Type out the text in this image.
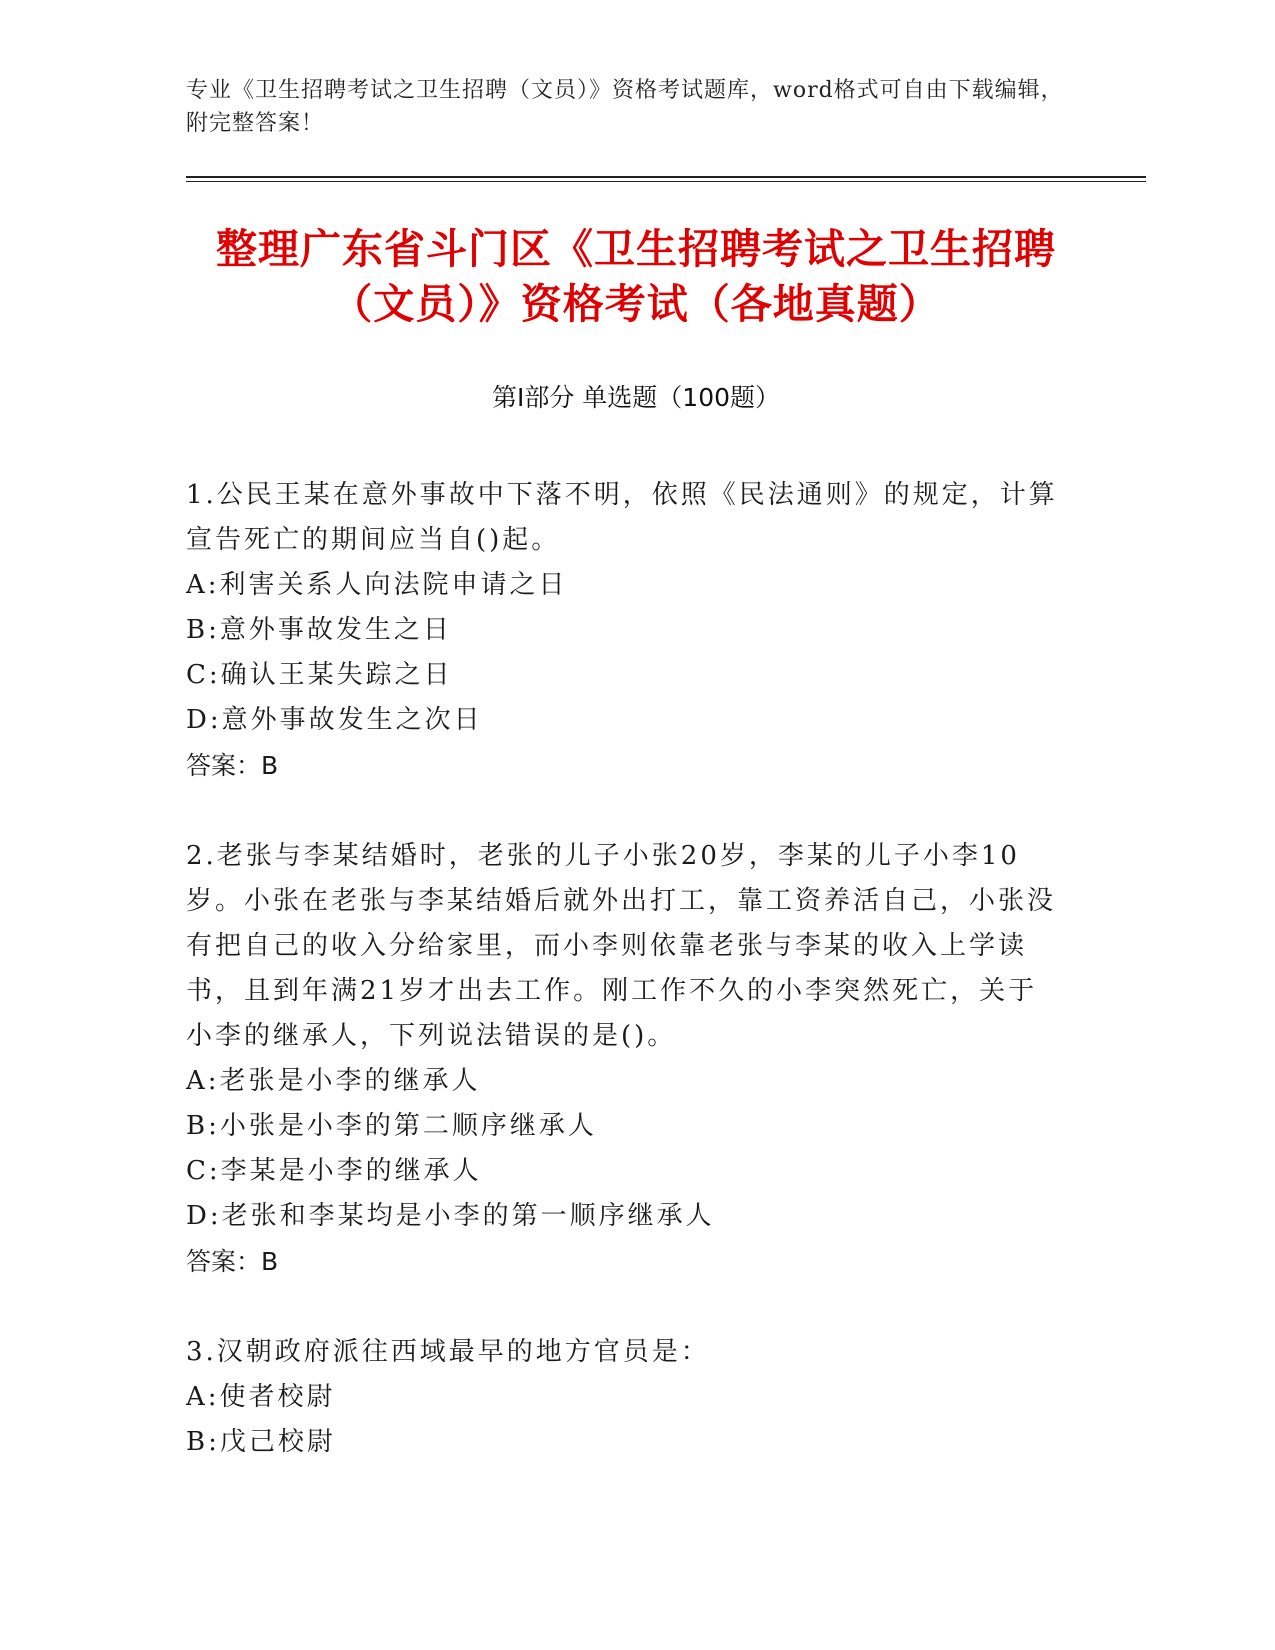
专业《卫生招聘考试之卫生招聘（文员）》资格考试题库，word格式可自由下载编辑，附完整答案！
整理广东省斗门区《卫生招聘考试之卫生招聘（文员）》资格考试（各地真题）
第Ⅰ部分 单选题（100题）

1.公民王某在意外事故中下落不明，依照《民法通则》的规定，计算宣告死亡的期间应当自()起。

A:利害关系人向法院申请之日

B:意外事故发生之日

C:确认王某失踪之日

D:意外事故发生之次日

答案：B

2.老张与李某结婚时，老张的儿子小张20岁，李某的儿子小李10岁。小张在老张与李某结婚后就外出打工，靠工资养活自己，小张没有把自己的收入分给家里，而小李则依靠老张与李某的收入上学读书，且到年满21岁才出去工作。刚工作不久的小李突然死亡，关于小李的继承人，下列说法错误的是()。

A:老张是小李的继承人

B:小张是小李的第二顺序继承人

C:李某是小李的继承人

D:老张和李某均是小李的第一顺序继承人

答案：B

3.汉朝政府派往西域最早的地方官员是：

A:使者校尉

B:戊己校尉
